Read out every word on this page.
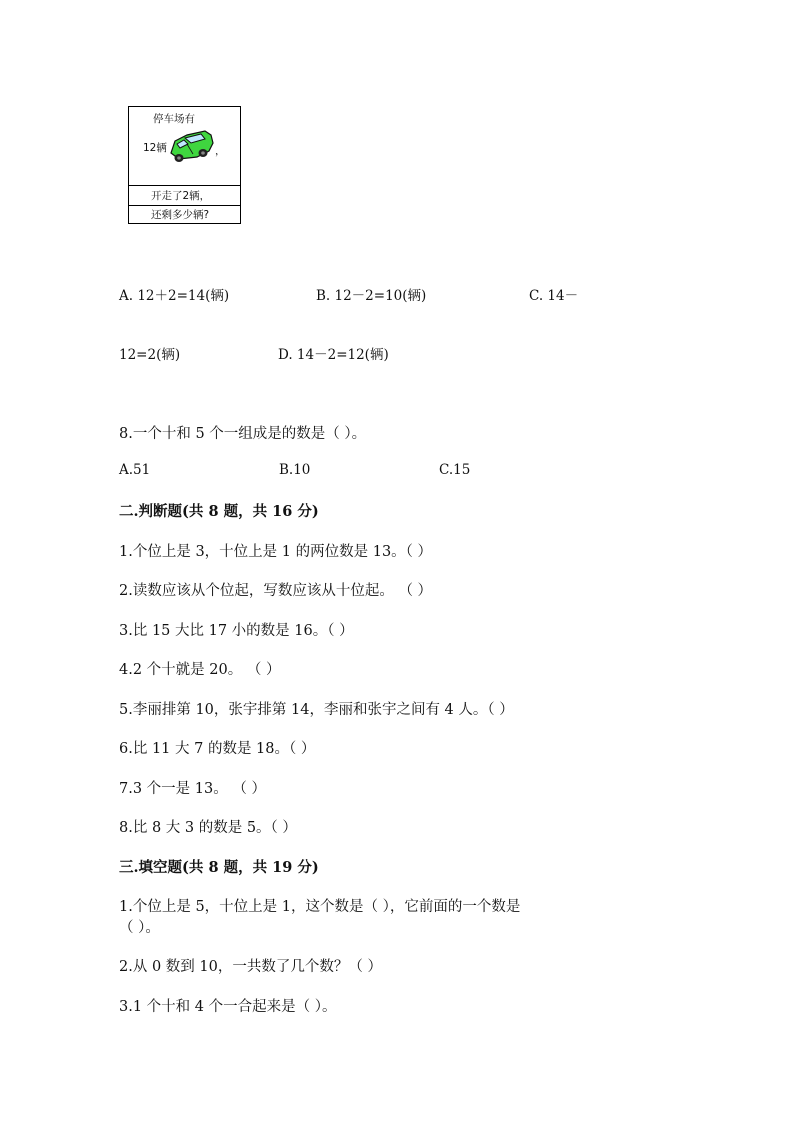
停车场有
12辆	，
开走了2辆，
还剩多少辆?
A. 12＋2=14(辆)	B. 12－2=10(辆)	C. 14－
12=2(辆)	D. 14－2=12(辆)
8.一个十和 5 个一组成是的数是（ ）。
A.51	B.10	C.15
二.判断题(共 8 题，共 16 分)
1.个位上是 3，十位上是 1 的两位数是 13。（ ）
2.读数应该从个位起，写数应该从十位起。 （ ）
3.比 15 大比 17 小的数是 16。（ ）
4.2 个十就是 20。 （ ）
5.李丽排第 10，张宇排第 14，李丽和张宇之间有 4 人。（ ）
6.比 11 大 7 的数是 18。（ ）
7.3 个一是 13。 （ ）
8.比 8 大 3 的数是 5。（ ）
三.填空题(共 8 题，共 19 分)
1.个位上是 5，十位上是 1，这个数是（ ），它前面的一个数是
（ ）。
2.从 0 数到 10，一共数了几个数？（ ）
3.1 个十和 4 个一合起来是（ ）。
